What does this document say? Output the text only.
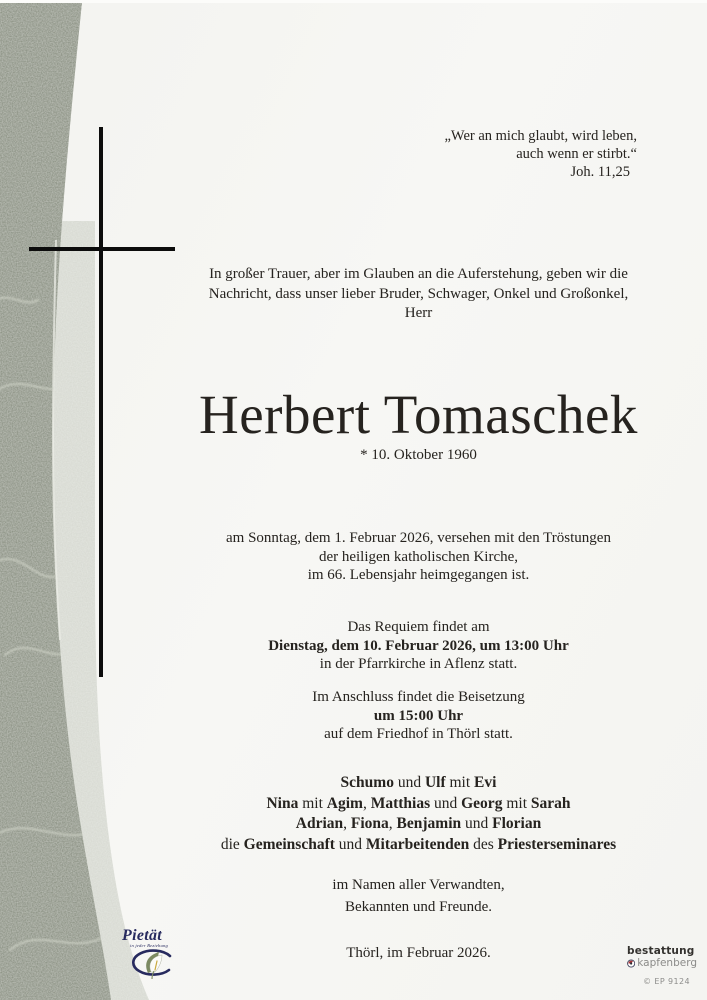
„Wer an mich glaubt, wird leben,
auch wenn er stirbt.“
Joh. 11,25
In großer Trauer, aber im Glauben an die Auferstehung, geben wir die
Nachricht, dass unser lieber Bruder, Schwager, Onkel und Großonkel,
Herr
Herbert Tomaschek
* 10. Oktober 1960
am Sonntag, dem 1. Februar 2026, versehen mit den Tröstungen
der heiligen katholischen Kirche,
im 66. Lebensjahr heimgegangen ist.
Das Requiem findet am
Dienstag, dem 10. Februar 2026, um 13:00 Uhr
in der Pfarrkirche in Aflenz statt.
Im Anschluss findet die Beisetzung
um 15:00 Uhr
auf dem Friedhof in Thörl statt.
Schumo und Ulf mit Evi
Nina mit Agim, Matthias und Georg mit Sarah
Adrian, Fiona, Benjamin und Florian
die Gemeinschaft und Mitarbeitenden des Priesterseminares
im Namen aller Verwandten,
Bekannten und Freunde.
Thörl, im Februar 2026.
Pietät
in jeder Beziehung	bestattung
kapfenberg
© EP 9124
